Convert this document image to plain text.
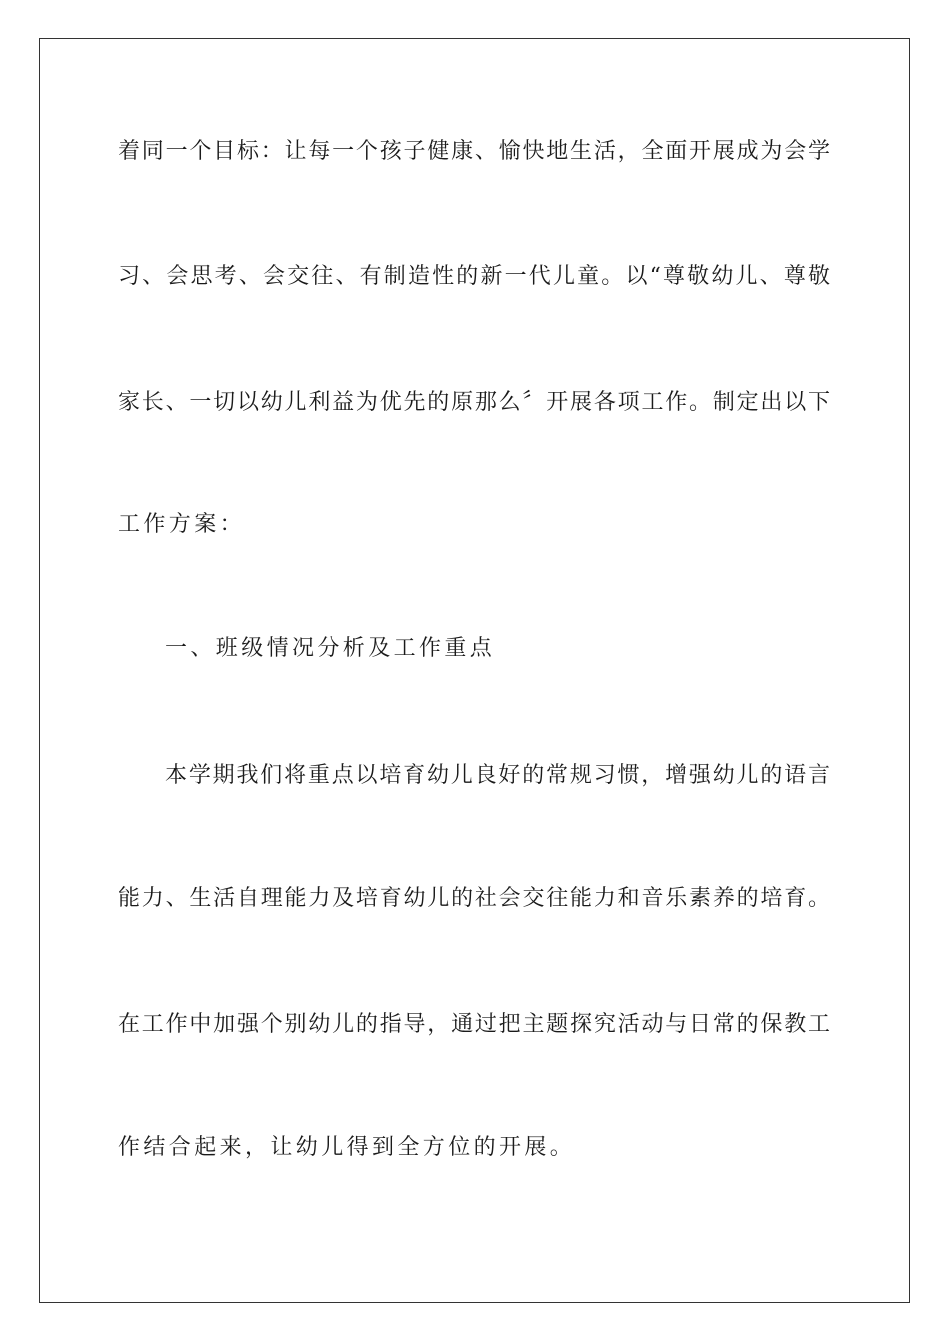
着同一个目标：让每一个孩子健康、愉快地生活，全面开展成为会学
习、会思考、会交往、有制造性的新一代儿童。以“尊敬幼儿、尊敬
家长、一切以幼儿利益为优先的原那么〞开展各项工作。制定出以下
工作方案：
一、班级情况分析及工作重点
本学期我们将重点以培育幼儿良好的常规习惯，增强幼儿的语言
能力、生活自理能力及培育幼儿的社会交往能力和音乐素养的培育。
在工作中加强个别幼儿的指导，通过把主题探究活动与日常的保教工
作结合起来，让幼儿得到全方位的开展。
